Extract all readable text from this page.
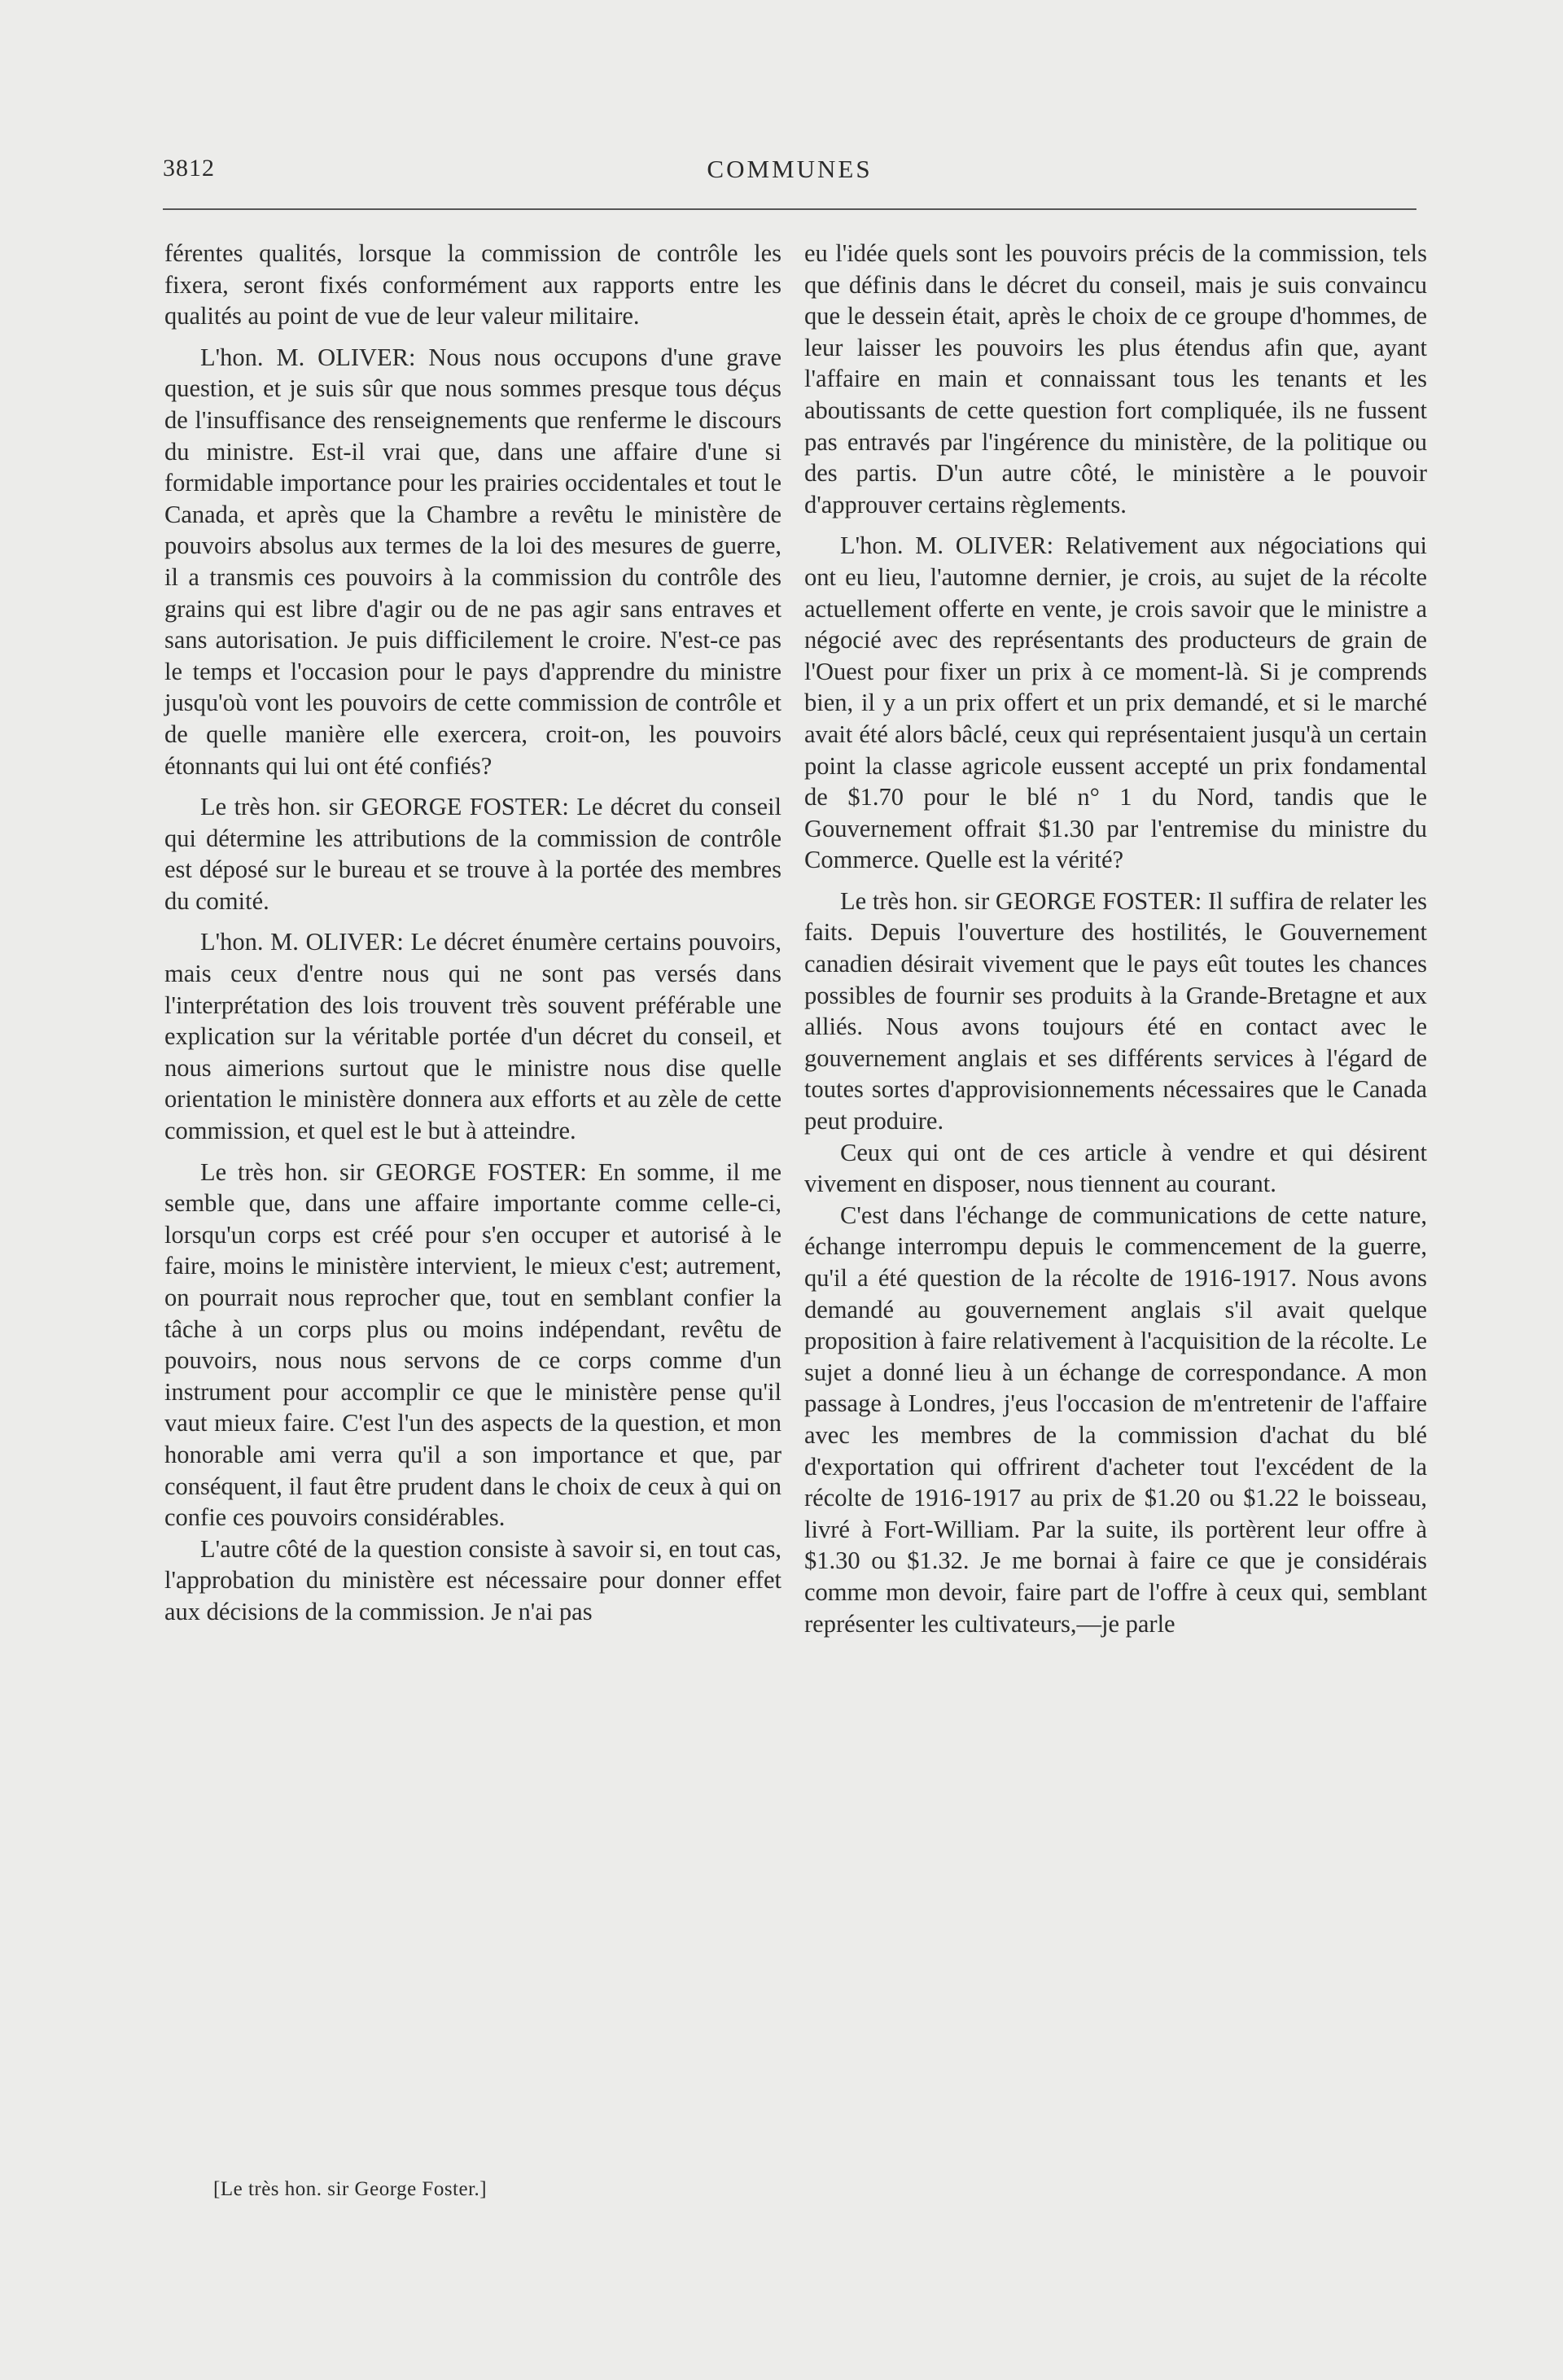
3812	COMMUNES

férentes qualités, lorsque la commission de contrôle les fixera, seront fixés conformément aux rapports entre les qualités au point de vue de leur valeur militaire.

L'hon. M. OLIVER: Nous nous occupons d'une grave question, et je suis sûr que nous sommes presque tous déçus de l'insuffisance des renseignements que renferme le discours du ministre. Est-il vrai que, dans une affaire d'une si formidable importance pour les prairies occidentales et tout le Canada, et après que la Chambre a revêtu le ministère de pouvoirs absolus aux termes de la loi des mesures de guerre, il a transmis ces pouvoirs à la commission du contrôle des grains qui est libre d'agir ou de ne pas agir sans entraves et sans autorisation. Je puis difficilement le croire. N'est-ce pas le temps et l'occasion pour le pays d'apprendre du ministre jusqu'où vont les pouvoirs de cette commission de contrôle et de quelle manière elle exercera, croit-on, les pouvoirs étonnants qui lui ont été confiés?

Le très hon. sir GEORGE FOSTER: Le décret du conseil qui détermine les attributions de la commission de contrôle est déposé sur le bureau et se trouve à la portée des membres du comité.

L'hon. M. OLIVER: Le décret énumère certains pouvoirs, mais ceux d'entre nous qui ne sont pas versés dans l'interprétation des lois trouvent très souvent préférable une explication sur la véritable portée d'un décret du conseil, et nous aimerions surtout que le ministre nous dise quelle orientation le ministère donnera aux efforts et au zèle de cette commission, et quel est le but à atteindre.

Le très hon. sir GEORGE FOSTER: En somme, il me semble que, dans une affaire importante comme celle-ci, lorsqu'un corps est créé pour s'en occuper et autorisé à le faire, moins le ministère intervient, le mieux c'est; autrement, on pourrait nous reprocher que, tout en semblant confier la tâche à un corps plus ou moins indépendant, revêtu de pouvoirs, nous nous servons de ce corps comme d'un instrument pour accomplir ce que le ministère pense qu'il vaut mieux faire. C'est l'un des aspects de la question, et mon honorable ami verra qu'il a son importance et que, par conséquent, il faut être prudent dans le choix de ceux à qui on confie ces pouvoirs considérables.

L'autre côté de la question consiste à savoir si, en tout cas, l'approbation du ministère est nécessaire pour donner effet aux décisions de la commission. Je n'ai pas

eu l'idée quels sont les pouvoirs précis de la commission, tels que définis dans le décret du conseil, mais je suis convaincu que le dessein était, après le choix de ce groupe d'hommes, de leur laisser les pouvoirs les plus étendus afin que, ayant l'affaire en main et connaissant tous les tenants et les aboutissants de cette question fort compliquée, ils ne fussent pas entravés par l'ingérence du ministère, de la politique ou des partis. D'un autre côté, le ministère a le pouvoir d'approuver certains règlements.

L'hon. M. OLIVER: Relativement aux négociations qui ont eu lieu, l'automne dernier, je crois, au sujet de la récolte actuellement offerte en vente, je crois savoir que le ministre a négocié avec des représentants des producteurs de grain de l'Ouest pour fixer un prix à ce moment-là. Si je comprends bien, il y a un prix offert et un prix demandé, et si le marché avait été alors bâclé, ceux qui représentaient jusqu'à un certain point la classe agricole eussent accepté un prix fondamental de $1.70 pour le blé n° 1 du Nord, tandis que le Gouvernement offrait $1.30 par l'entremise du ministre du Commerce. Quelle est la vérité?

Le très hon. sir GEORGE FOSTER: Il suffira de relater les faits. Depuis l'ouverture des hostilités, le Gouvernement canadien désirait vivement que le pays eût toutes les chances possibles de fournir ses produits à la Grande-Bretagne et aux alliés. Nous avons toujours été en contact avec le gouvernement anglais et ses différents services à l'égard de toutes sortes d'approvisionnements nécessaires que le Canada peut produire.

Ceux qui ont de ces article à vendre et qui désirent vivement en disposer, nous tiennent au courant.

C'est dans l'échange de communications de cette nature, échange interrompu depuis le commencement de la guerre, qu'il a été question de la récolte de 1916-1917. Nous avons demandé au gouvernement anglais s'il avait quelque proposition à faire relativement à l'acquisition de la récolte. Le sujet a donné lieu à un échange de correspondance. A mon passage à Londres, j'eus l'occasion de m'entretenir de l'affaire avec les membres de la commission d'achat du blé d'exportation qui offrirent d'acheter tout l'excédent de la récolte de 1916-1917 au prix de $1.20 ou $1.22 le boisseau, livré à Fort-William. Par la suite, ils portèrent leur offre à $1.30 ou $1.32. Je me bornai à faire ce que je considérais comme mon devoir, faire part de l'offre à ceux qui, semblant représenter les cultivateurs,—je parle

[Le très hon. sir George Foster.]
